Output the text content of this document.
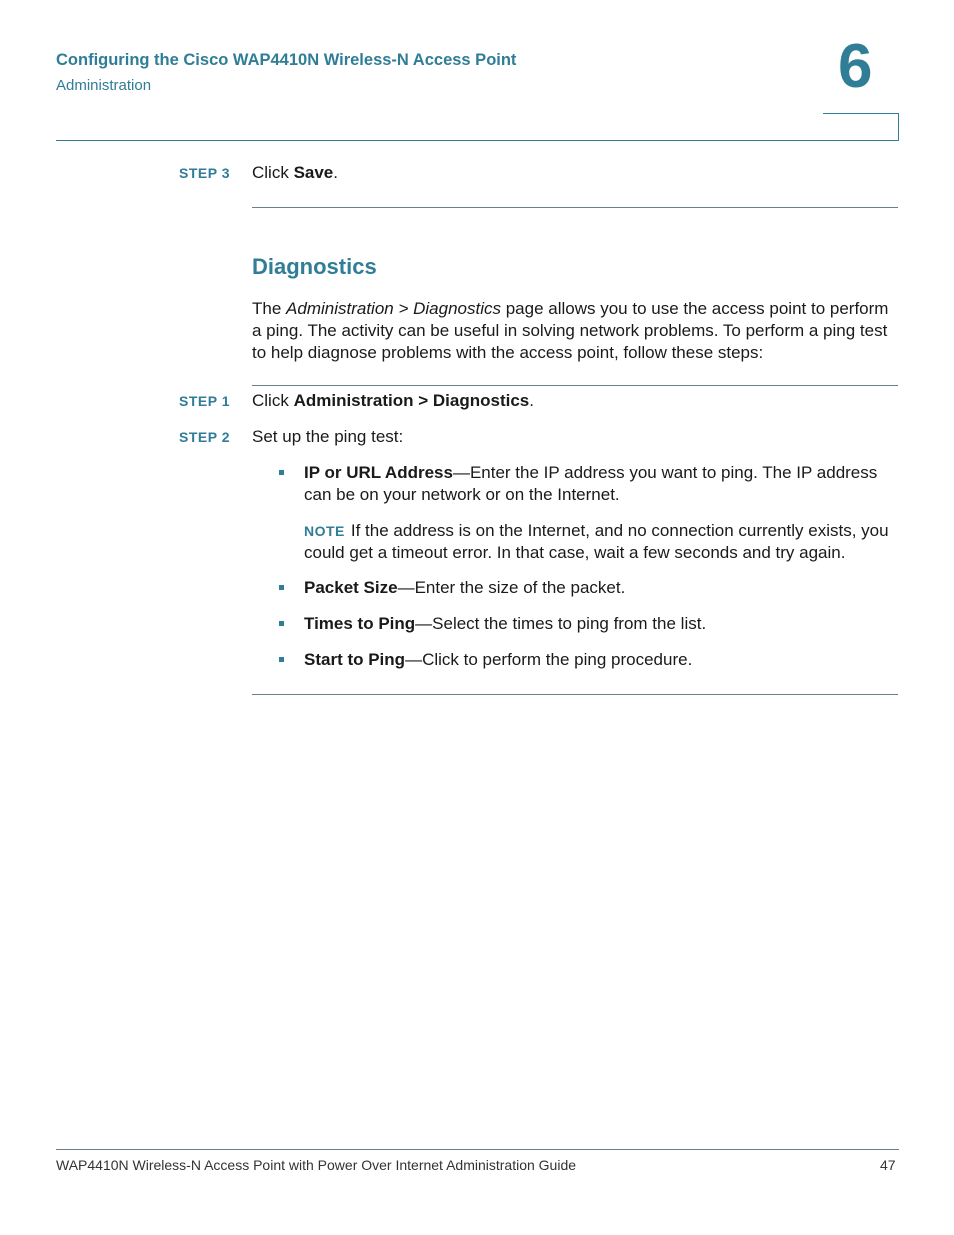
Configuring the Cisco WAP4410N Wireless-N Access Point
Administration	6
STEP 3 Click Save.
Diagnostics
The Administration > Diagnostics page allows you to use the access point to perform a ping. The activity can be useful in solving network problems. To perform a ping test to help diagnose problems with the access point, follow these steps:
STEP 1 Click Administration > Diagnostics.
STEP 2 Set up the ping test:
IP or URL Address—Enter the IP address you want to ping. The IP address can be on your network or on the Internet.
NOTE If the address is on the Internet, and no connection currently exists, you could get a timeout error. In that case, wait a few seconds and try again.
Packet Size—Enter the size of the packet.
Times to Ping—Select the times to ping from the list.
Start to Ping—Click to perform the ping procedure.
WAP4410N Wireless-N Access Point with Power Over Internet Administration Guide	47
